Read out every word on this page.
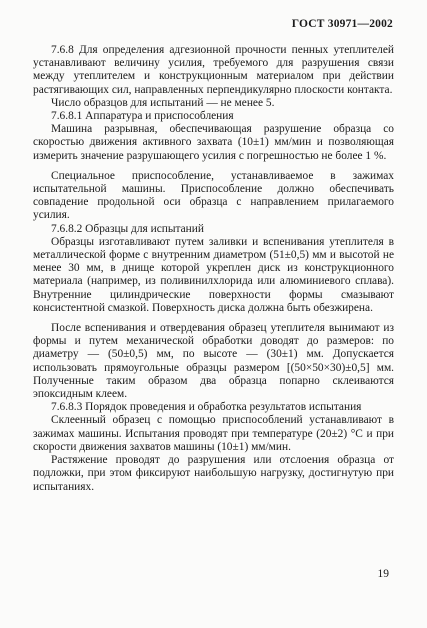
ГОСТ 30971—2002

7.6.8 Для определения адгезионной прочности пенных утеплителей устанавливают величину усилия, требуемого для разрушения связи между утеплителем и конструкционным материалом при действии растягивающих сил, направленных перпендикулярно плоскости контакта.

Число образцов для испытаний — не менее 5.

7.6.8.1 Аппаратура и приспособления

Машина разрывная, обеспечивающая разрушение образца со скоростью движения активного захвата (10±1) мм/мин и позволяющая измерить значение разрушающего усилия с погрешностью не более 1 %.

Специальное приспособление, устанавливаемое в зажимах испытательной машины. Приспособление должно обеспечивать совпадение продольной оси образца с направлением прилагаемого усилия.

7.6.8.2 Образцы для испытаний

Образцы изготавливают путем заливки и вспенивания утеплителя в металлической форме с внутренним диаметром (51±0,5) мм и высотой не менее 30 мм, в днище которой укреплен диск из конструкционного материала (например, из поливинилхлорида или алюминиевого сплава). Внутренние цилиндрические поверхности формы смазывают консистентной смазкой. Поверхность диска должна быть обезжирена.

После вспенивания и отвердевания образец утеплителя вынимают из формы и путем механической обработки доводят до размеров: по диаметру — (50±0,5) мм, по высоте — (30±1) мм. Допускается использовать прямоугольные образцы размером [(50×50×30)±0,5] мм. Полученные таким образом два образца попарно склеиваются эпоксидным клеем.

7.6.8.3 Порядок проведения и обработка результатов испытания

Склеенный образец с помощью приспособлений устанавливают в зажимах машины. Испытания проводят при температуре (20±2) °С и при скорости движения захватов машины (10±1) мм/мин.

Растяжение проводят до разрушения или отслоения образца от подложки, при этом фиксируют наибольшую нагрузку, достигнутую при испытаниях.

19
